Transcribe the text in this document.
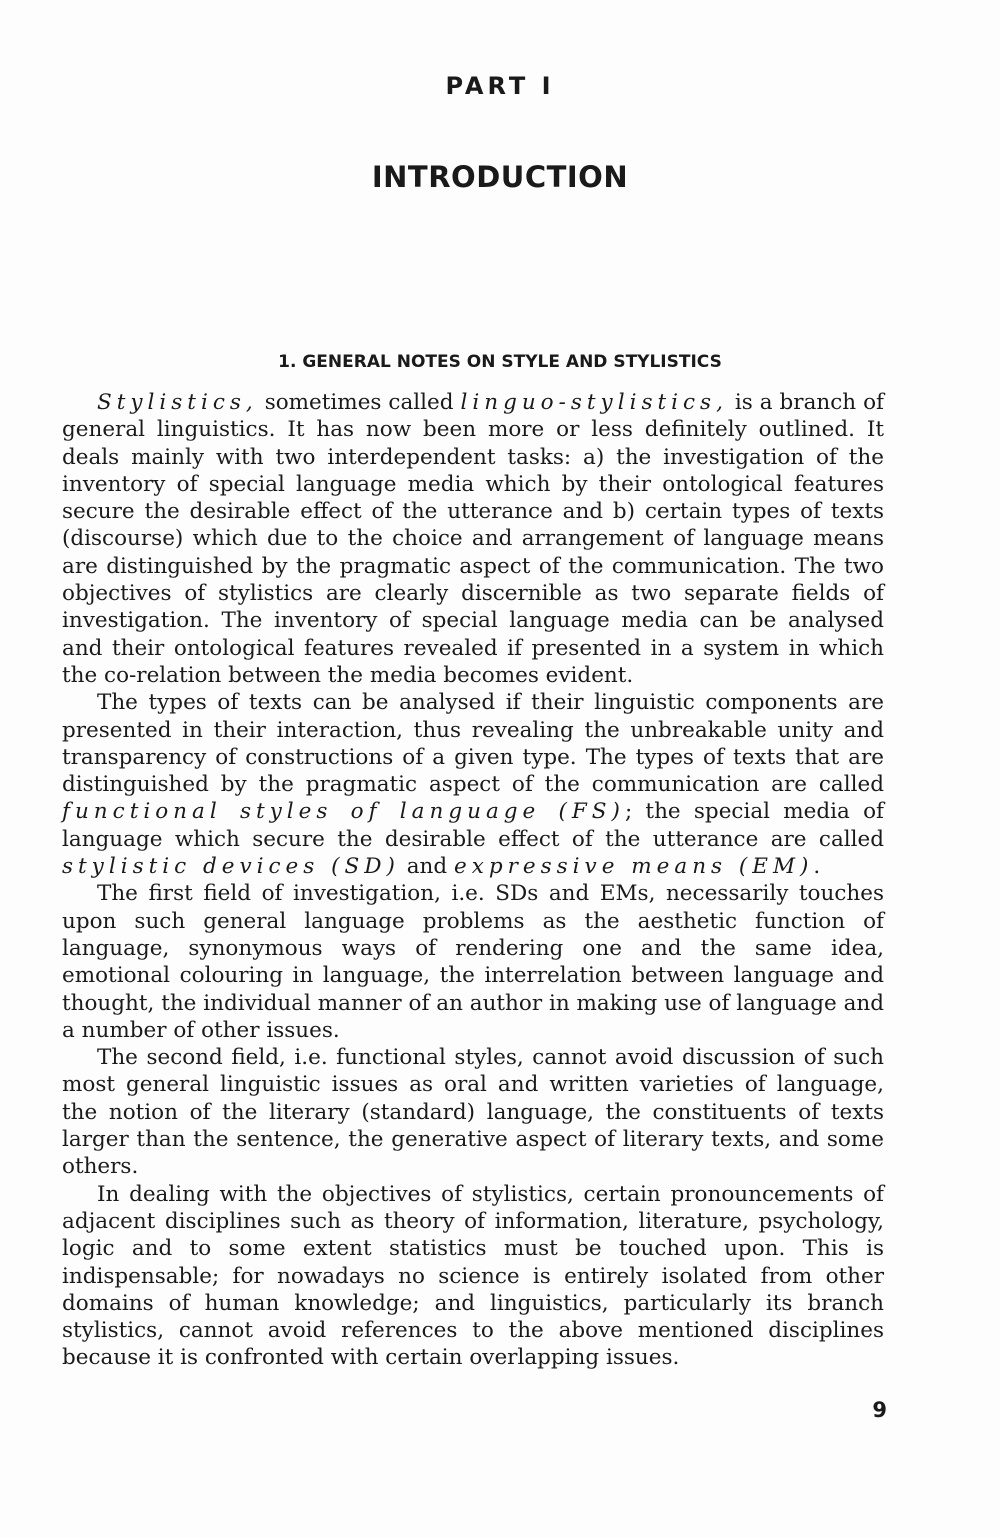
PART I
INTRODUCTION
1. GENERAL NOTES ON STYLE AND STYLISTICS

Stylistics, sometimes called linguo-stylistics, is a branch of general linguistics. It has now been more or less definitely outlined. It deals mainly with two interdependent tasks: a) the investigation of the inventory of special language media which by their ontological features secure the desirable effect of the utterance and b) certain types of texts (discourse) which due to the choice and arrangement of language means are distinguished by the pragmatic aspect of the communication. The two objectives of stylistics are clearly discernible as two separate fields of investigation. The inventory of special language media can be analysed and their ontological features revealed if presented in a system in which the co-relation between the media becomes evident.

The types of texts can be analysed if their linguistic components are presented in their interaction, thus revealing the unbreakable unity and transparency of constructions of a given type. The types of texts that are distinguished by the pragmatic aspect of the communication are called functional styles of language (FS); the special media of language which secure the desirable effect of the utterance are called stylistic devices (SD) and expressive means (EM).

The first field of investigation, i.e. SDs and EMs, necessarily touches upon such general language problems as the aesthetic function of language, synonymous ways of rendering one and the same idea, emotional colouring in language, the interrelation between language and thought, the individual manner of an author in making use of language and a number of other issues.

The second field, i.e. functional styles, cannot avoid discussion of such most general linguistic issues as oral and written varieties of language, the notion of the literary (standard) language, the constituents of texts larger than the sentence, the generative aspect of literary texts, and some others.

In dealing with the objectives of stylistics, certain pronouncements of adjacent disciplines such as theory of information, literature, psychology, logic and to some extent statistics must be touched upon. This is indispensable; for nowadays no science is entirely isolated from other domains of human knowledge; and linguistics, particularly its branch stylistics, cannot avoid references to the above mentioned disciplines because it is confronted with certain overlapping issues.

9
